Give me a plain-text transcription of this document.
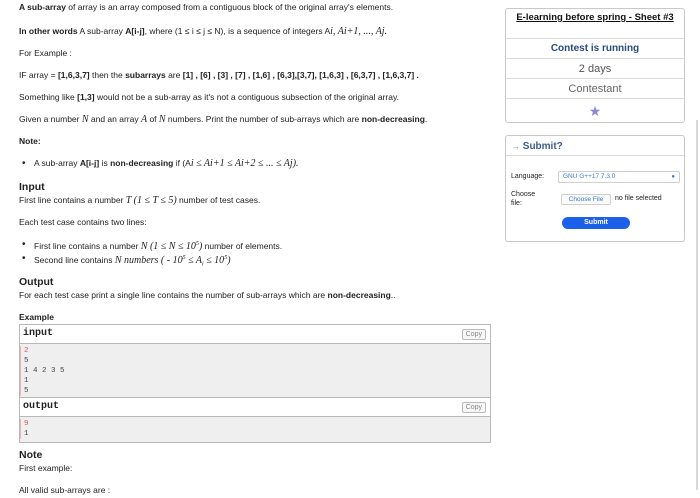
A sub-array of array is an array composed from a contiguous block of the original array's elements.
In other words A sub-array A[i-j], where (1 ≤ i ≤ j ≤ N), is a sequence of integers Ai, Ai+1, ..., Aj.
For Example :
IF array = [1,6,3,7] then the subarrays are [1] , [6] , [3] , [7] , [1,6] , [6,3],[3,7], [1,6,3] , [6,3,7] , [1,6,3,7] .
Something like [1,3] would not be a sub-array as it's not a contiguous subsection of the original array.
Given a number N and an array A of N numbers. Print the number of sub-arrays which are non-decreasing.
Note:
• A sub-array A[i-j] is non-decreasing if (Ai ≤ Ai+1 ≤ Ai+2 ≤ ... ≤ Aj).
Input
First line contains a number T (1 ≤ T ≤ 5) number of test cases.
Each test case contains two lines:
• First line contains a number N $(1 \le N \le 10^5)$ number of elements.
• Second line contains N numbers ( - $10^5 \le A_i \le 10^5$)
Output
For each test case print a single line contains the number of sub-arrays which are non-decreasing..
Example
input	Copy
2
5
1 4 2 3 5
1
5
output	Copy
9
1
Note
First example:
All valid sub-arrays are :
E-learning before spring - Sheet #3
Contest is running
2 days
Contestant
★
→ Submit?
Language:	GNU G++17 7.3.0	●
Choose
file:
Choose File	no file selected
Submit
